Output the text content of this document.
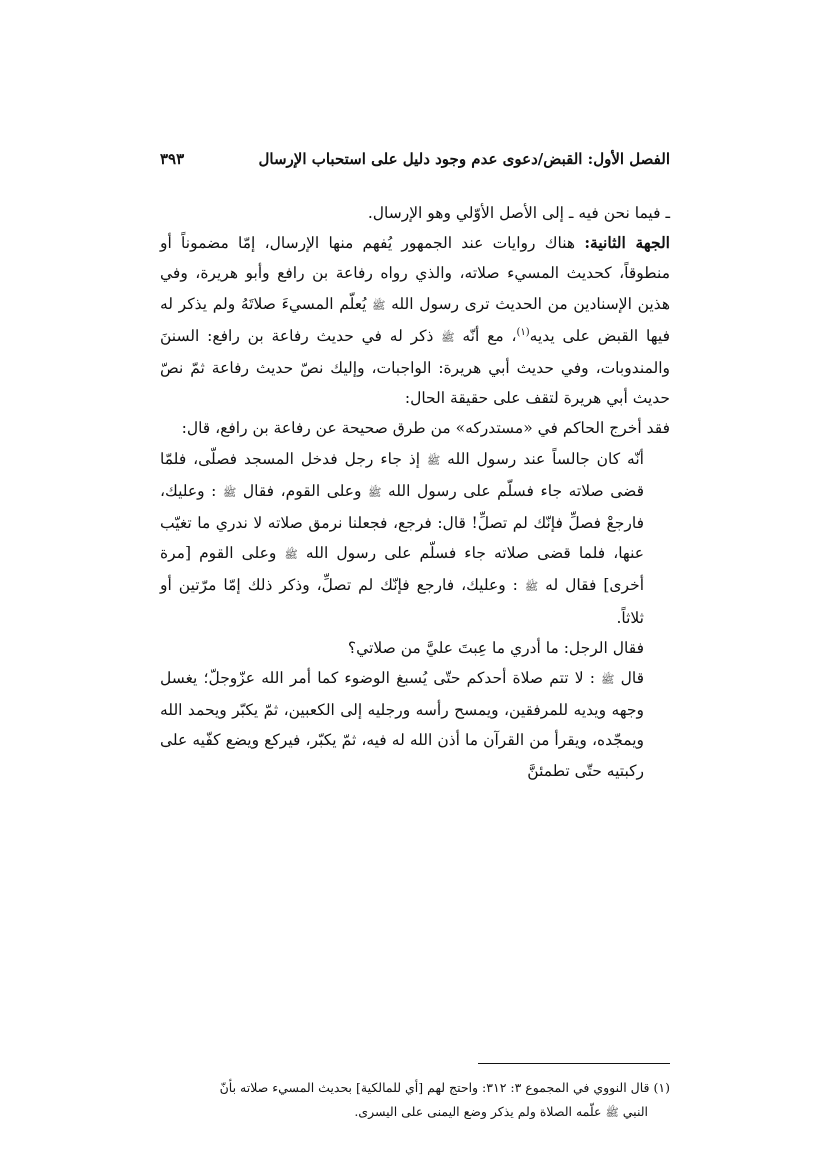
الفصل الأول: القبض/دعوى عدم وجود دليل على استحباب الإرسال
٣٩٣

ـ فيما نحن فيه ـ إلى الأصل الأوّلي وهو الإرسال.

الجهة الثانية: هناك روايات عند الجمهور يُفهم منها الإرسال، إمّا مضموناً أو منطوقاً، كحديث المسيء صلاته، والذي رواه رفاعة بن رافع وأبو هريرة، وفي هذين الإسنادين من الحديث ترى رسول الله ﷺ يُعلّم المسيءَ صلاتَهُ ولم يذكر له فيها القبض على يديه$^{(١)}$، مع أنّه ﷺ ذكر له في حديث رفاعة بن رافع: السننَ والمندوبات، وفي حديث أبي هريرة: الواجبات، وإليك نصّ حديث رفاعة ثمّ نصّ حديث أبي هريرة لتقف على حقيقة الحال:

فقد أخرج الحاكم في «مستدركه» من طرق صحيحة عن رفاعة بن رافع، قال:

أنّه كان جالساً عند رسول الله ﷺ إذ جاء رجل فدخل المسجد فصلّى، فلمّا قضى صلاته جاء فسلّم على رسول الله ﷺ وعلى القوم، فقال ﷺ : وعليك، فارجعْ فصلِّ فإنّك لم تصلِّ! قال: فرجع، فجعلنا نرمق صلاته لا ندري ما تغيّب عنها، فلما قضى صلاته جاء فسلّم على رسول الله ﷺ وعلى القوم [مرة أخرى] فقال له ﷺ : وعليك، فارجع فإنّك لم تصلِّ، وذكر ذلك إمّا مرّتين أو ثلاثاً.

فقال الرجل: ما أدري ما عِبتَ عليَّ من صلاتي؟

قال ﷺ : لا تتم صلاة أحدكم حتّى يُسبغ الوضوء كما أمر الله عزّوجلّ؛ يغسل وجهه ويديه للمرفقين، ويمسح رأسه ورجليه إلى الكعبين، ثمّ يكبّر ويحمد الله ويمجّده، ويقرأ من القرآن ما أذن الله له فيه، ثمّ يكبّر، فيركع ويضع كفّيه على ركبتيه حتّى تطمئنَّ

(١) قال النووي في المجموع ٣: ٣١٢: واحتج لهم [أي للمالكية] بحديث المسيء صلاته بأنّ

النبي ﷺ علّمه الصلاة ولم يذكر وضع اليمنى على اليسرى.
